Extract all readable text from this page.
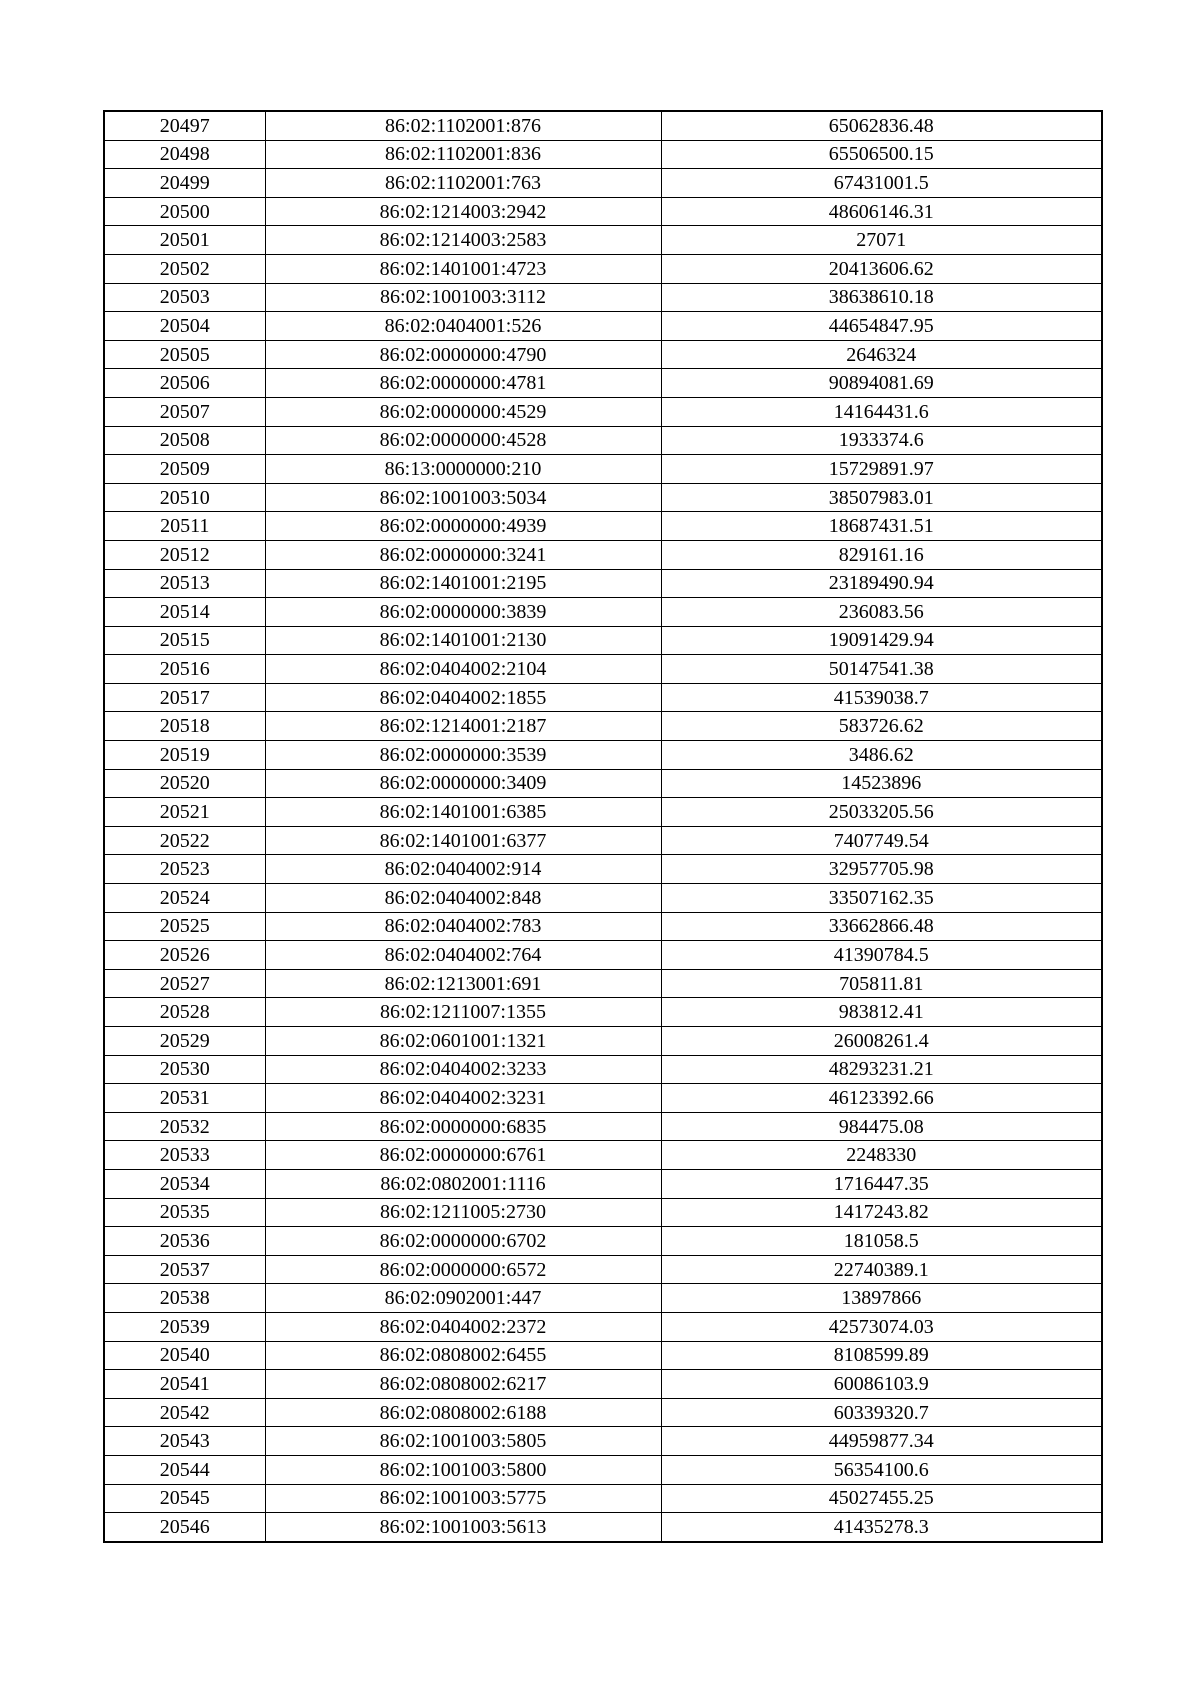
20497	86:02:1102001:876	65062836.48
20498	86:02:1102001:836	65506500.15
20499	86:02:1102001:763	67431001.5
20500	86:02:1214003:2942	48606146.31
20501	86:02:1214003:2583	27071
20502	86:02:1401001:4723	20413606.62
20503	86:02:1001003:3112	38638610.18
20504	86:02:0404001:526	44654847.95
20505	86:02:0000000:4790	2646324
20506	86:02:0000000:4781	90894081.69
20507	86:02:0000000:4529	14164431.6
20508	86:02:0000000:4528	1933374.6
20509	86:13:0000000:210	15729891.97
20510	86:02:1001003:5034	38507983.01
20511	86:02:0000000:4939	18687431.51
20512	86:02:0000000:3241	829161.16
20513	86:02:1401001:2195	23189490.94
20514	86:02:0000000:3839	236083.56
20515	86:02:1401001:2130	19091429.94
20516	86:02:0404002:2104	50147541.38
20517	86:02:0404002:1855	41539038.7
20518	86:02:1214001:2187	583726.62
20519	86:02:0000000:3539	3486.62
20520	86:02:0000000:3409	14523896
20521	86:02:1401001:6385	25033205.56
20522	86:02:1401001:6377	7407749.54
20523	86:02:0404002:914	32957705.98
20524	86:02:0404002:848	33507162.35
20525	86:02:0404002:783	33662866.48
20526	86:02:0404002:764	41390784.5
20527	86:02:1213001:691	705811.81
20528	86:02:1211007:1355	983812.41
20529	86:02:0601001:1321	26008261.4
20530	86:02:0404002:3233	48293231.21
20531	86:02:0404002:3231	46123392.66
20532	86:02:0000000:6835	984475.08
20533	86:02:0000000:6761	2248330
20534	86:02:0802001:1116	1716447.35
20535	86:02:1211005:2730	1417243.82
20536	86:02:0000000:6702	181058.5
20537	86:02:0000000:6572	22740389.1
20538	86:02:0902001:447	13897866
20539	86:02:0404002:2372	42573074.03
20540	86:02:0808002:6455	8108599.89
20541	86:02:0808002:6217	60086103.9
20542	86:02:0808002:6188	60339320.7
20543	86:02:1001003:5805	44959877.34
20544	86:02:1001003:5800	56354100.6
20545	86:02:1001003:5775	45027455.25
20546	86:02:1001003:5613	41435278.3
